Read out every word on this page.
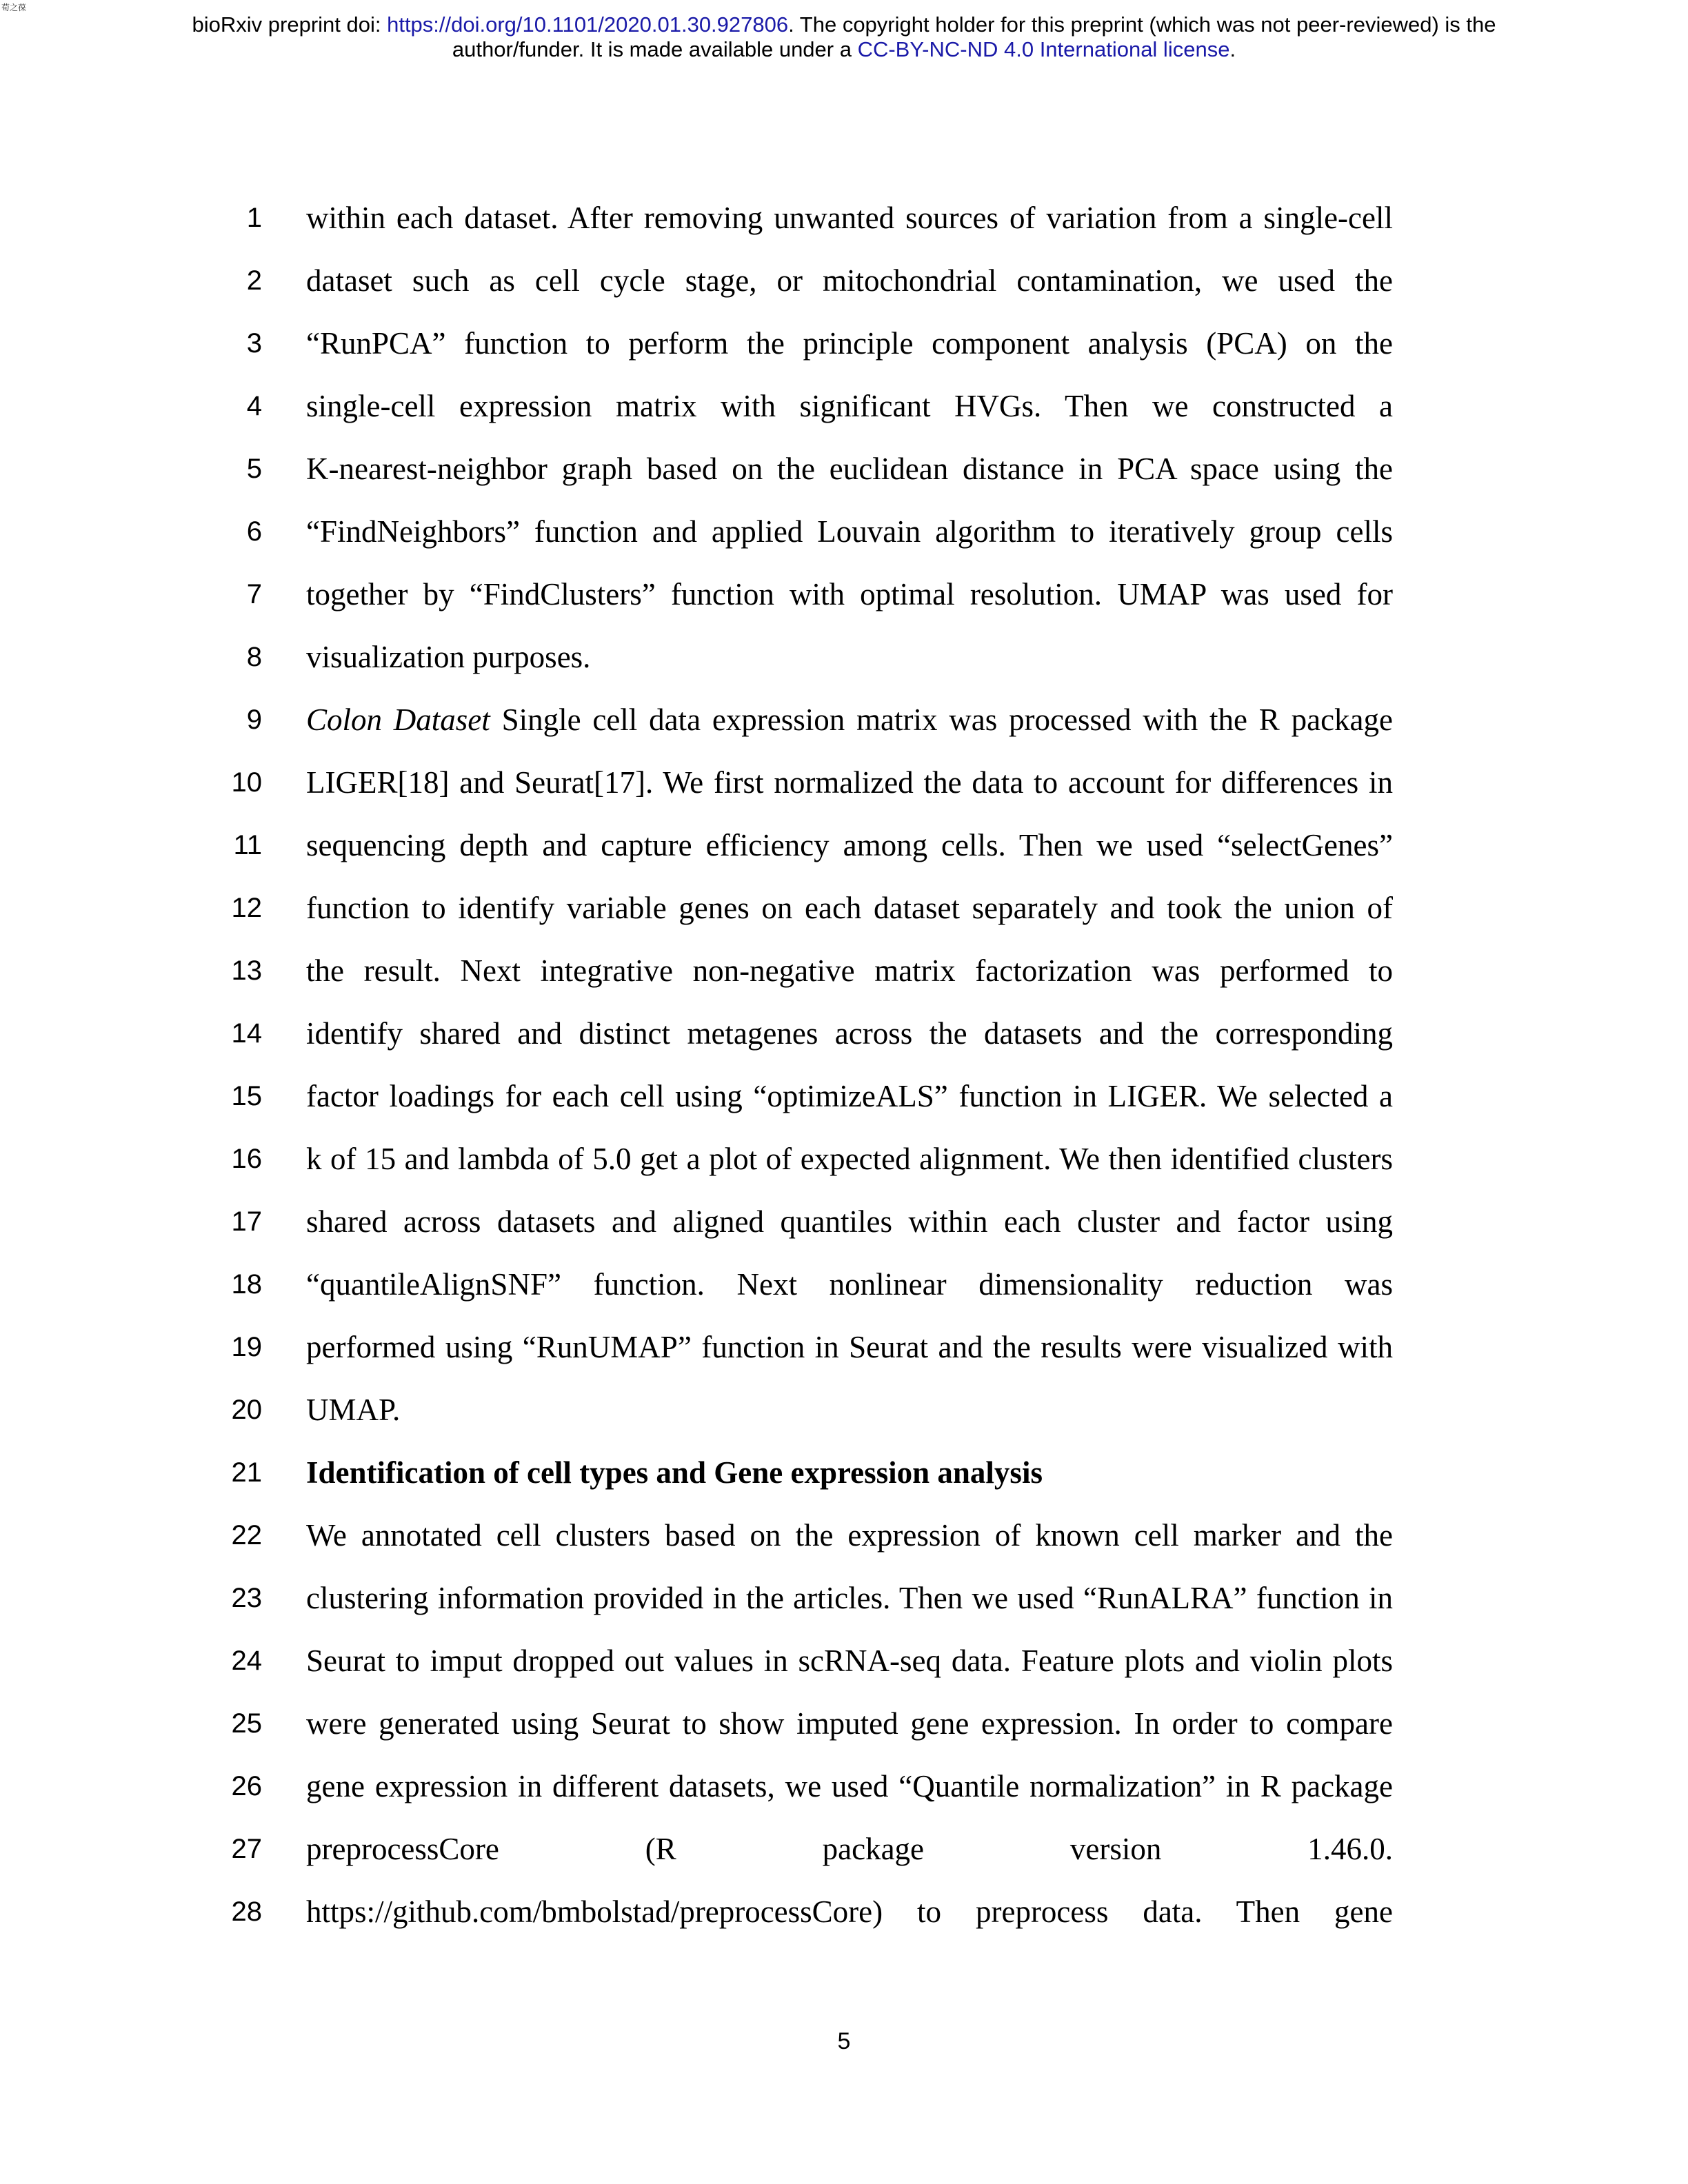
荀之葆
bioRxiv preprint doi: https://doi.org/10.1101/2020.01.30.927806. The copyright holder for this preprint (which was not peer-reviewed) is the
author/funder. It is made available under a CC-BY-NC-ND 4.0 International license.
1 within each dataset. After removing unwanted sources of variation from a single-cell
2 dataset such as cell cycle stage, or mitochondrial contamination, we used the
3 “RunPCA” function to perform the principle component analysis (PCA) on the
4 single-cell expression matrix with significant HVGs. Then we constructed a
5 K-nearest-neighbor graph based on the euclidean distance in PCA space using the
6 “FindNeighbors” function and applied Louvain algorithm to iteratively group cells
7 together by “FindClusters” function with optimal resolution. UMAP was used for
8 visualization purposes.
9 Colon Dataset Single cell data expression matrix was processed with the R package
10 LIGER[18] and Seurat[17]. We first normalized the data to account for differences in
11 sequencing depth and capture efficiency among cells. Then we used “selectGenes”
12 function to identify variable genes on each dataset separately and took the union of
13 the result. Next integrative non-negative matrix factorization was performed to
14 identify shared and distinct metagenes across the datasets and the corresponding
15 factor loadings for each cell using “optimizeALS” function in LIGER. We selected a
16 k of 15 and lambda of 5.0 get a plot of expected alignment. We then identified clusters
17 shared across datasets and aligned quantiles within each cluster and factor using
18 “quantileAlignSNF” function. Next nonlinear dimensionality reduction was
19 performed using “RunUMAP” function in Seurat and the results were visualized with
20 UMAP.
21 Identification of cell types and Gene expression analysis
22 We annotated cell clusters based on the expression of known cell marker and the
23 clustering information provided in the articles. Then we used “RunALRA” function in
24 Seurat to imput dropped out values in scRNA-seq data. Feature plots and violin plots
25 were generated using Seurat to show imputed gene expression. In order to compare
26 gene expression in different datasets, we used “Quantile normalization” in R package
27 preprocessCore (R package version 1.46.0.
28 https://github.com/bmbolstad/preprocessCore) to preprocess data. Then gene
5
